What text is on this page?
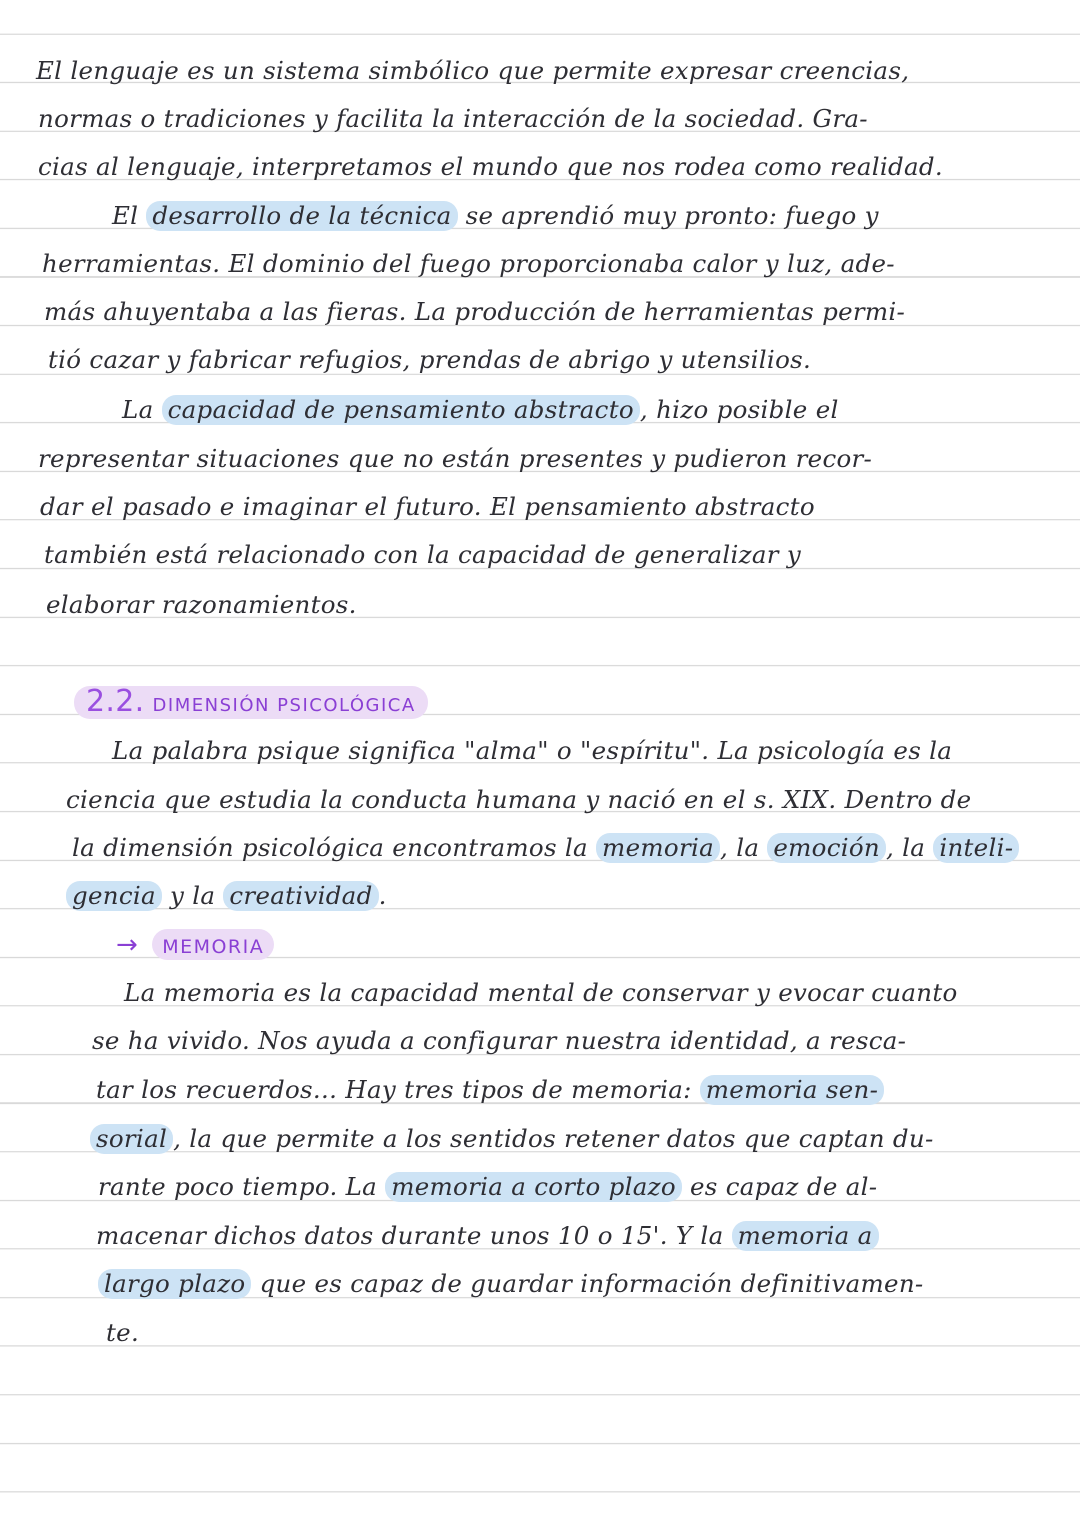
El lenguaje es un sistema simbólico que permite expresar creencias,
normas o tradiciones y facilita la interacción de la sociedad. Gra-
cias al lenguaje, interpretamos el mundo que nos rodea como realidad.
El desarrollo de la técnica se aprendió muy pronto: fuego y
herramientas. El dominio del fuego proporcionaba calor y luz, ade-
más ahuyentaba a las fieras. La producción de herramientas permi-
tió cazar y fabricar refugios, prendas de abrigo y utensilios.
La capacidad de pensamiento abstracto , hizo posible el
representar situaciones que no están presentes y pudieron recor-
dar el pasado e imaginar el futuro. El pensamiento abstracto
también está relacionado con la capacidad de generalizar y
elaborar razonamientos.
2.2. DIMENSIÓN PSICOLÓGICA
La palabra psique significa "alma" o "espíritu". La psicología es la
ciencia que estudia la conducta humana y nació en el s. XIX. Dentro de
la dimensión psicológica encontramos la memoria , la emoción , la inteli-
gencia y la creatividad .
→ MEMORIA
La memoria es la capacidad mental de conservar y evocar cuanto
se ha vivido. Nos ayuda a configurar nuestra identidad, a resca-
tar los recuerdos... Hay tres tipos de memoria: memoria sen-
sorial , la que permite a los sentidos retener datos que captan du-
rante poco tiempo. La memoria a corto plazo es capaz de al-
macenar dichos datos durante unos 10 o 15'. Y la memoria a
largo plazo que es capaz de guardar información definitivamen-
te.
